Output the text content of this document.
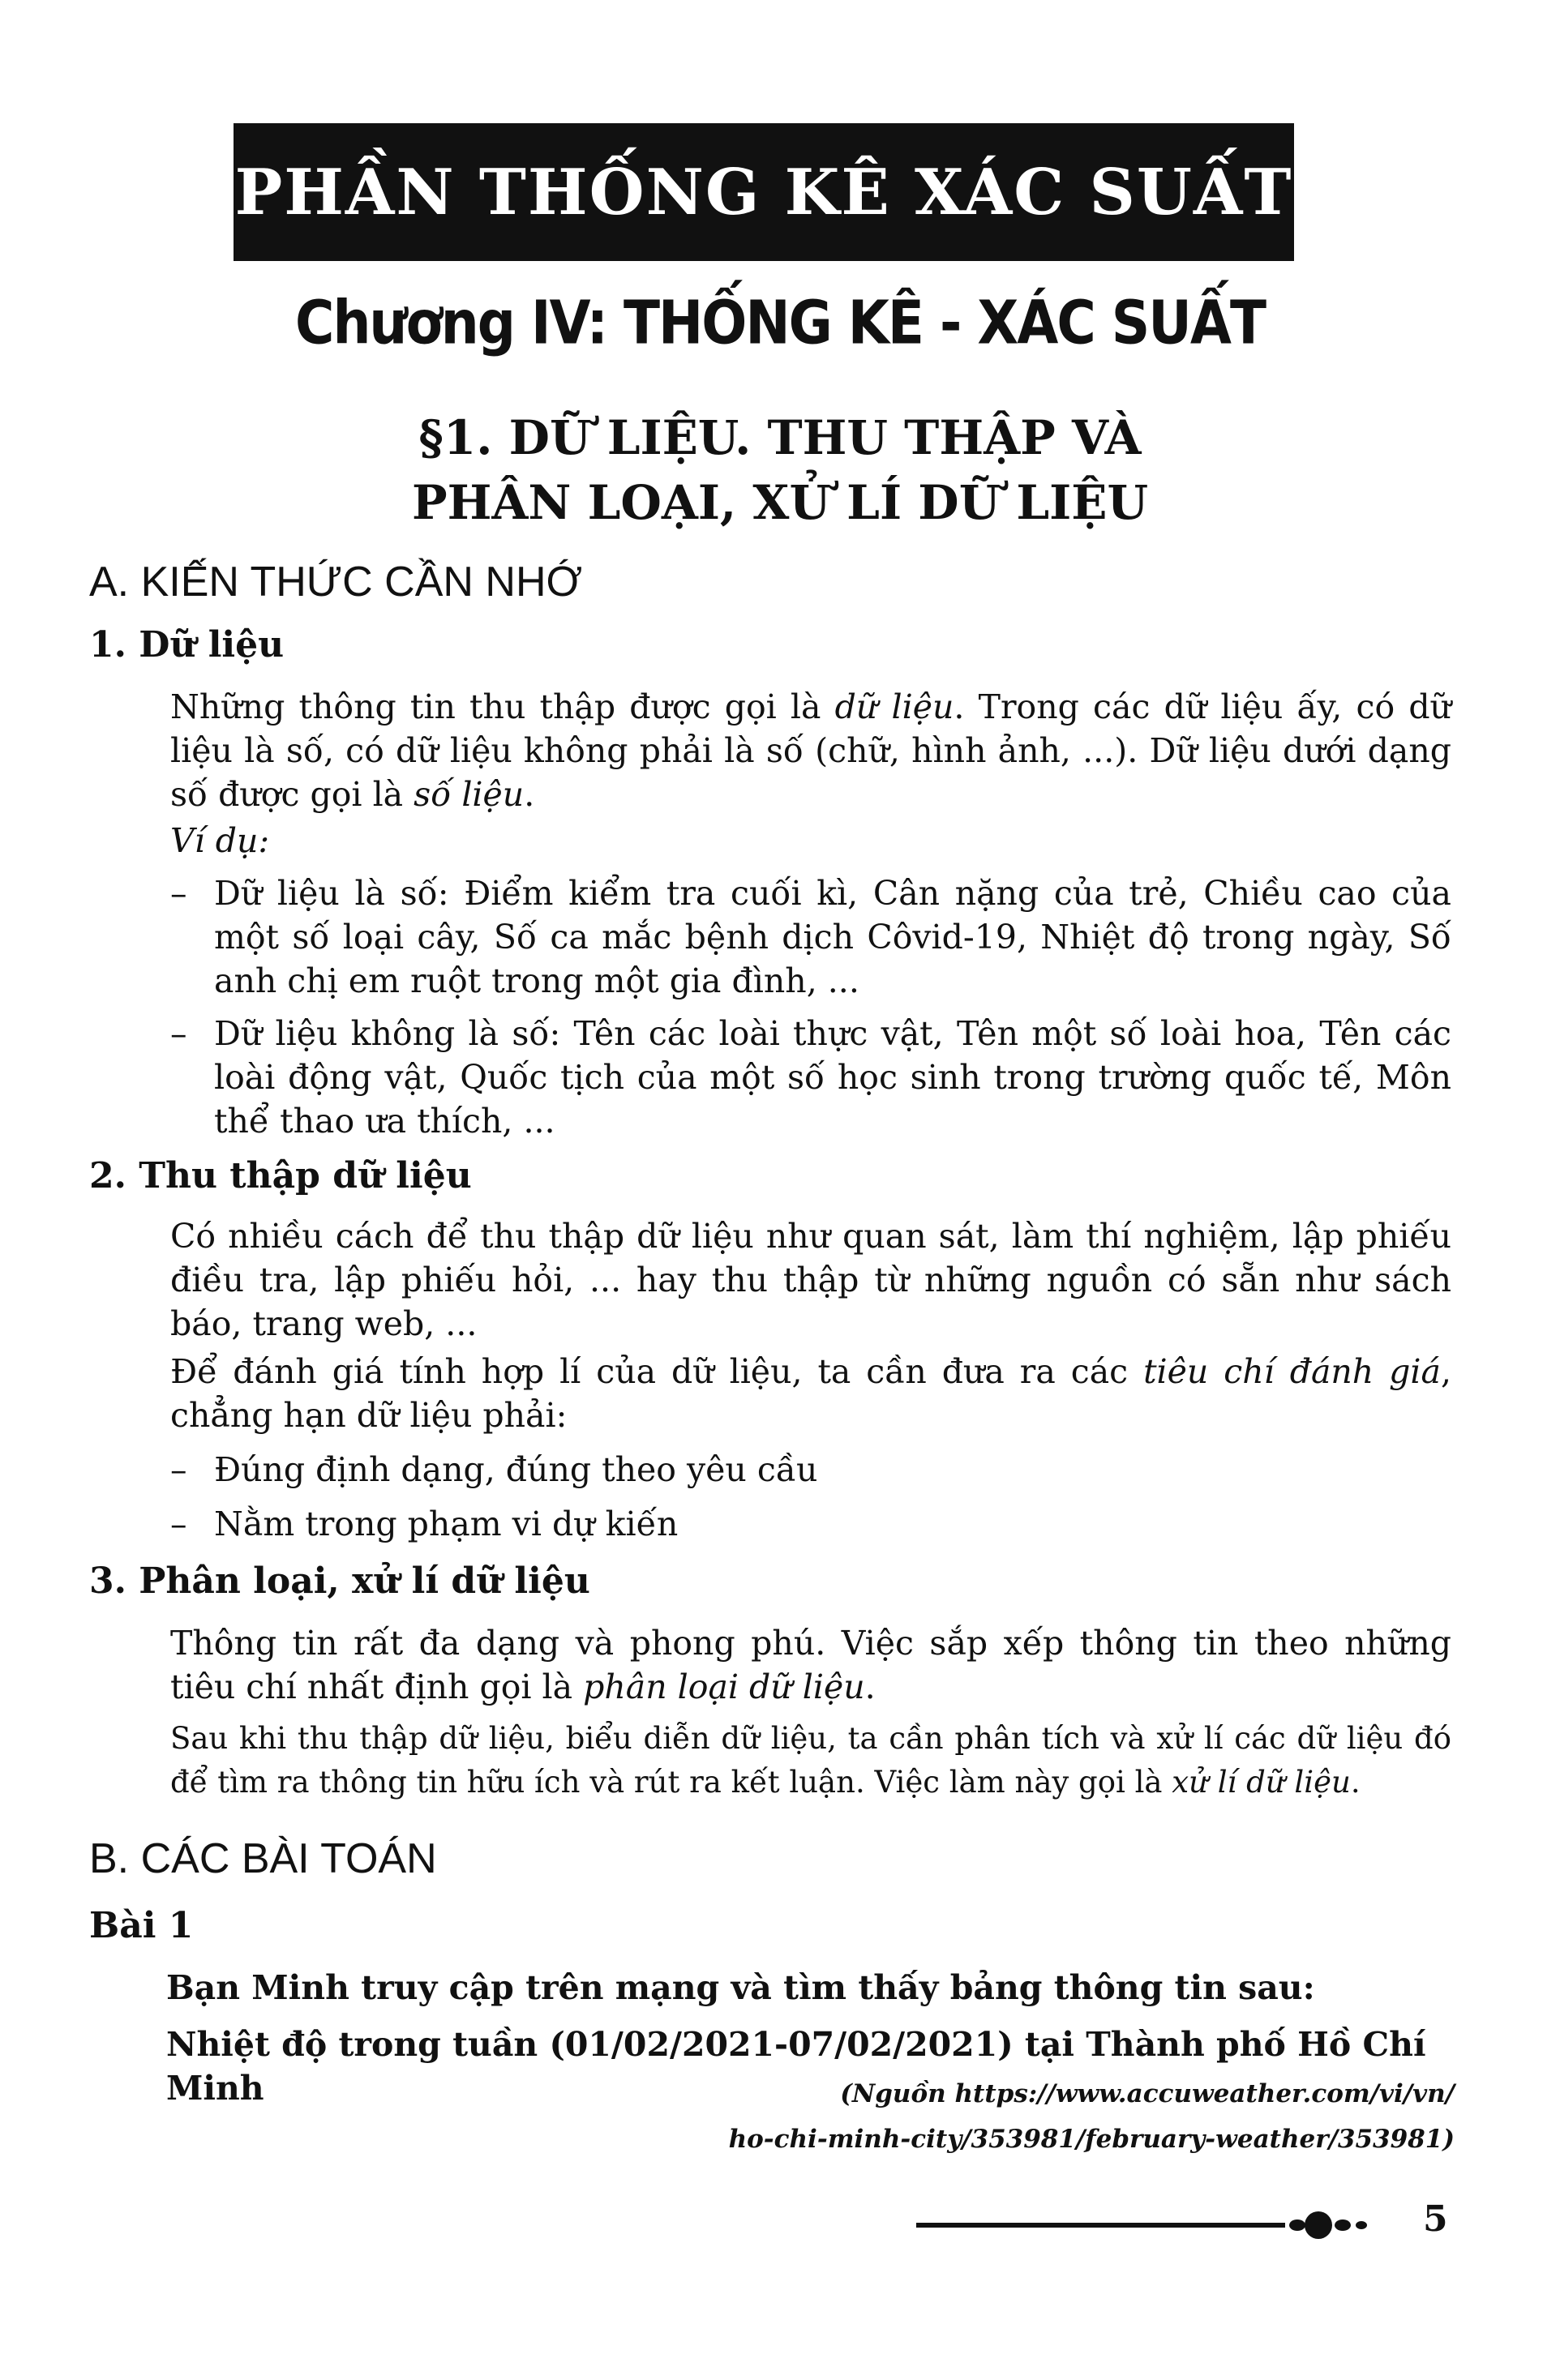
PHẦN THỐNG KÊ XÁC SUẤT
Chương IV: THỐNG KÊ - XÁC SUẤT
§1. DỮ LIỆU. THU THẬP VÀ
PHÂN LOẠI, XỬ LÍ DỮ LIỆU
A. KIẾN THỨC CẦN NHỚ
1. Dữ liệu
Những thông tin thu thập được gọi là dữ liệu. Trong các dữ liệu ấy, có dữ liệu là số, có dữ liệu không phải là số (chữ, hình ảnh, ...). Dữ liệu dưới dạng số được gọi là số liệu.
Ví dụ:
– Dữ liệu là số: Điểm kiểm tra cuối kì, Cân nặng của trẻ, Chiều cao của một số loại cây, Số ca mắc bệnh dịch Côvid-19, Nhiệt độ trong ngày, Số anh chị em ruột trong một gia đình, ...
– Dữ liệu không là số: Tên các loài thực vật, Tên một số loài hoa, Tên các loài động vật, Quốc tịch của một số học sinh trong trường quốc tế, Môn thể thao ưa thích, ...
2. Thu thập dữ liệu
Có nhiều cách để thu thập dữ liệu như quan sát, làm thí nghiệm, lập phiếu điều tra, lập phiếu hỏi, ... hay thu thập từ những nguồn có sẵn như sách báo, trang web, ...
Để đánh giá tính hợp lí của dữ liệu, ta cần đưa ra các tiêu chí đánh giá, chẳng hạn dữ liệu phải:
– Đúng định dạng, đúng theo yêu cầu
– Nằm trong phạm vi dự kiến
3. Phân loại, xử lí dữ liệu
Thông tin rất đa dạng và phong phú. Việc sắp xếp thông tin theo những tiêu chí nhất định gọi là phân loại dữ liệu.
Sau khi thu thập dữ liệu, biểu diễn dữ liệu, ta cần phân tích và xử lí các dữ liệu đó để tìm ra thông tin hữu ích và rút ra kết luận. Việc làm này gọi là xử lí dữ liệu.
B. CÁC BÀI TOÁN
Bài 1
Bạn Minh truy cập trên mạng và tìm thấy bảng thông tin sau:
Nhiệt độ trong tuần (01/02/2021-07/02/2021) tại Thành phố Hồ Chí Minh	(Nguồn https://www.accuweather.com/vi/vn/
ho-chi-minh-city/353981/february-weather/353981)
5
